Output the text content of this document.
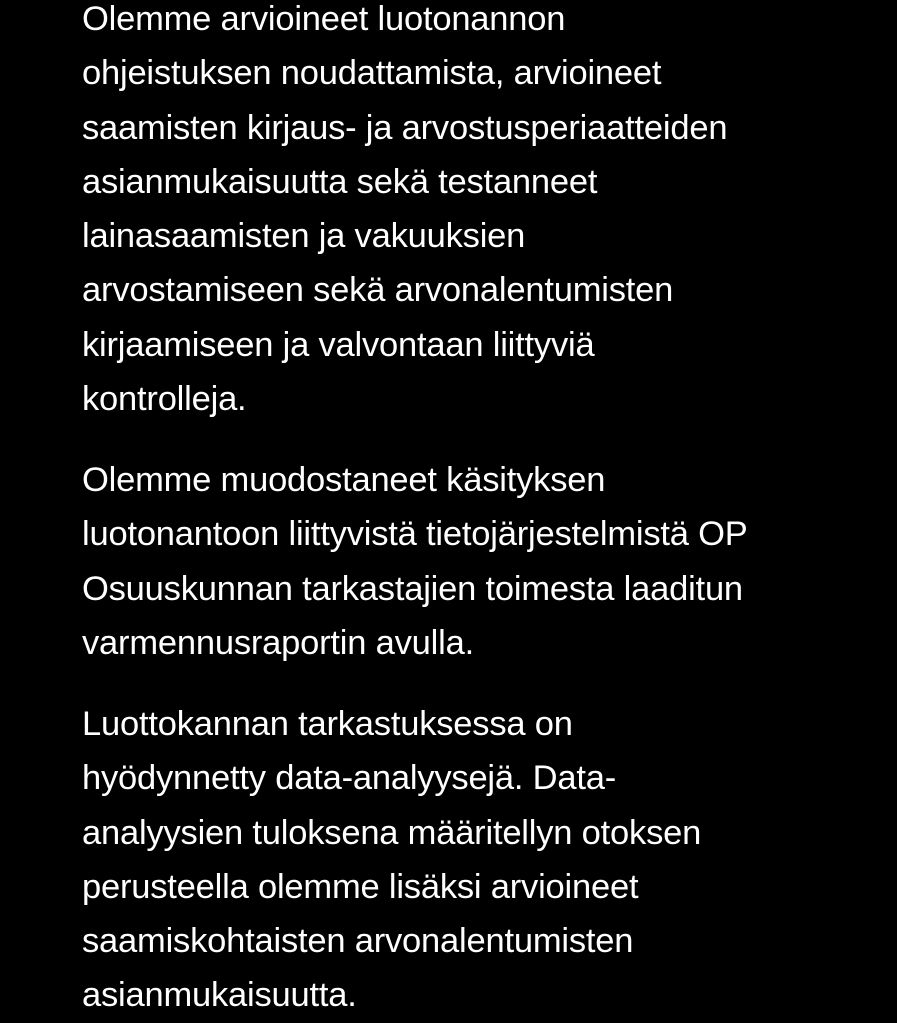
Olemme arvioineet luotonannon
ohjeistuksen noudattamista, arvioineet
saamisten kirjaus- ja arvostusperiaatteiden
asianmukaisuutta sekä testanneet
lainasaamisten ja vakuuksien
arvostamiseen sekä arvonalentumisten
kirjaamiseen ja valvontaan liittyviä
kontrolleja.

Olemme muodostaneet käsityksen
luotonantoon liittyvistä tietojärjestelmistä OP
Osuuskunnan tarkastajien toimesta laaditun
varmennusraportin avulla.

Luottokannan tarkastuksessa on
hyödynnetty data-analyysejä. Data-
analyysien tuloksena määritellyn otoksen
perusteella olemme lisäksi arvioineet
saamiskohtaisten arvonalentumisten
asianmukaisuutta.
